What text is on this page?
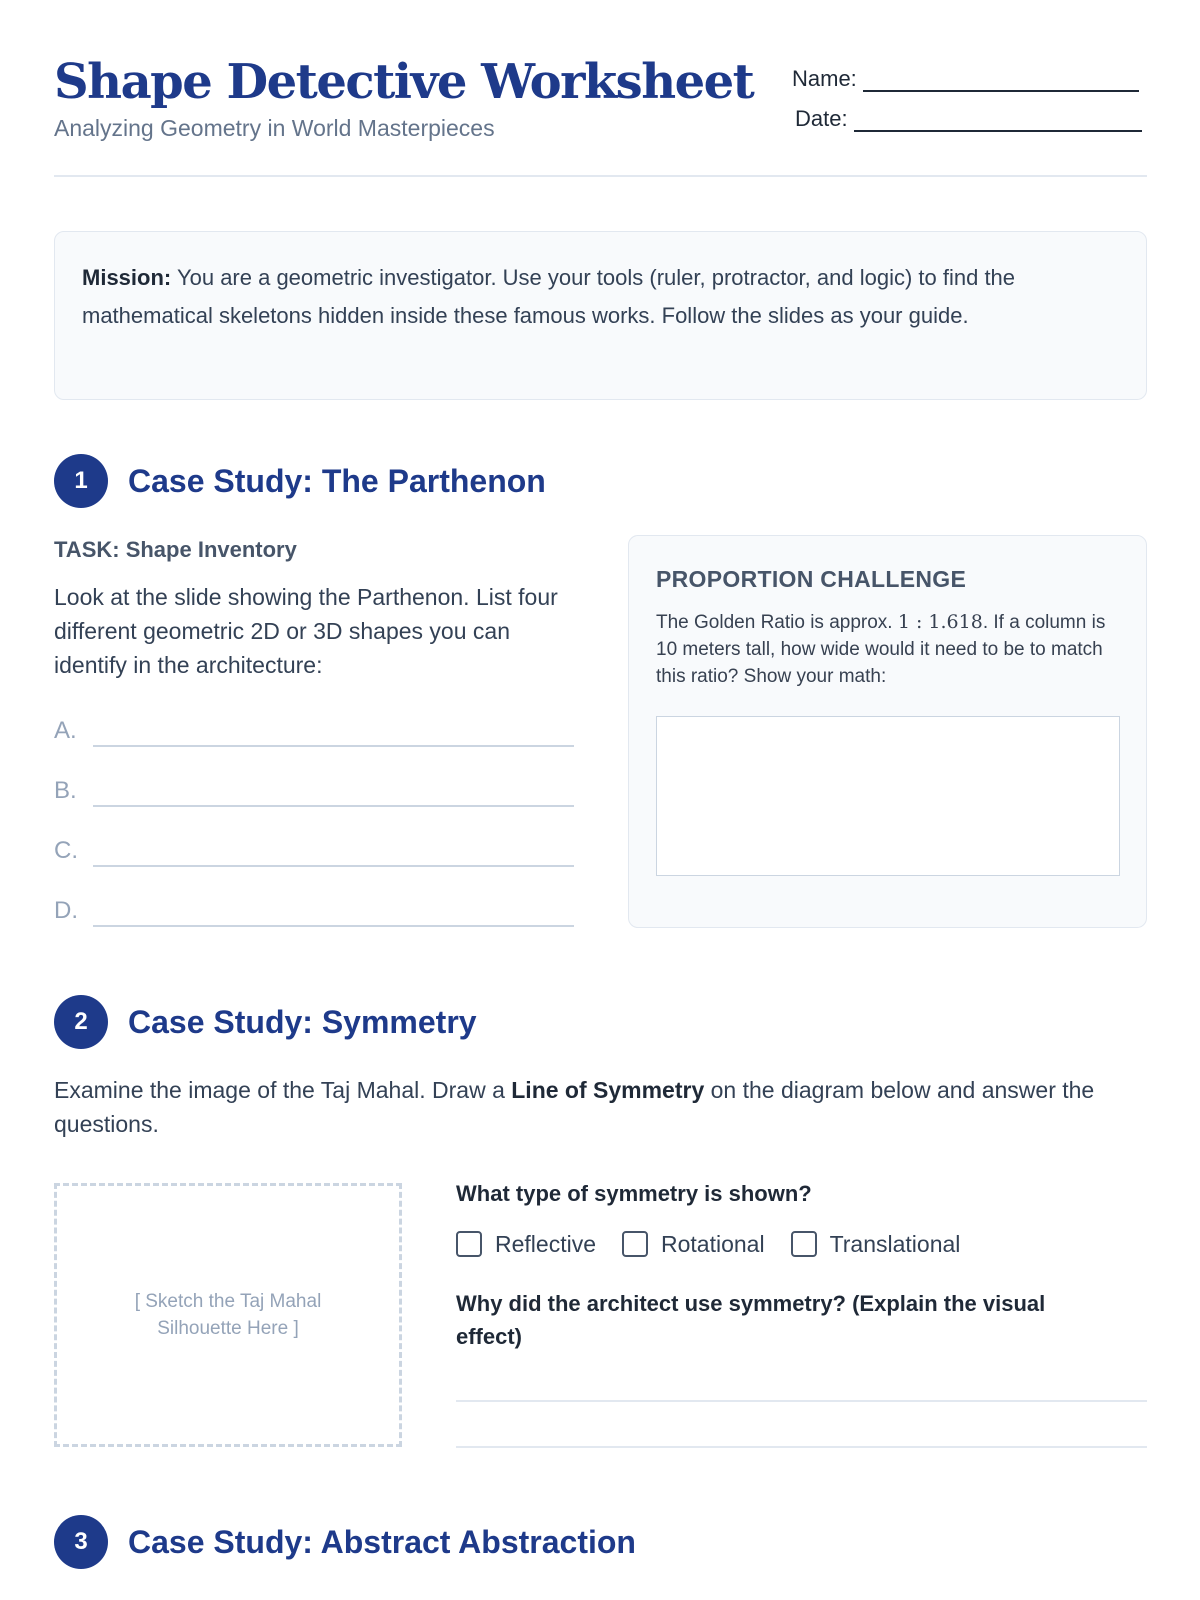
Shape Detective Worksheet
Analyzing Geometry in World Masterpieces
Name:
Date:
Mission: You are a geometric investigator. Use your tools (ruler, protractor, and logic) to find the mathematical skeletons hidden inside these famous works. Follow the slides as your guide.
1	Case Study: The Parthenon
TASK: Shape Inventory
Look at the slide showing the Parthenon. List four different geometric 2D or 3D shapes you can identify in the architecture:
A.
B.
C.
D.
PROPORTION CHALLENGE
The Golden Ratio is approx. 1 : 1.618. If a column is 10 meters tall, how wide would it need to be to match this ratio? Show your math:
2	Case Study: Symmetry
Examine the image of the Taj Mahal. Draw a Line of Symmetry on the diagram below and answer the questions.
[ Sketch the Taj Mahal Silhouette Here ]
What type of symmetry is shown?
Reflective	Rotational	Translational
Why did the architect use symmetry? (Explain the visual effect)
3	Case Study: Abstract Abstraction
